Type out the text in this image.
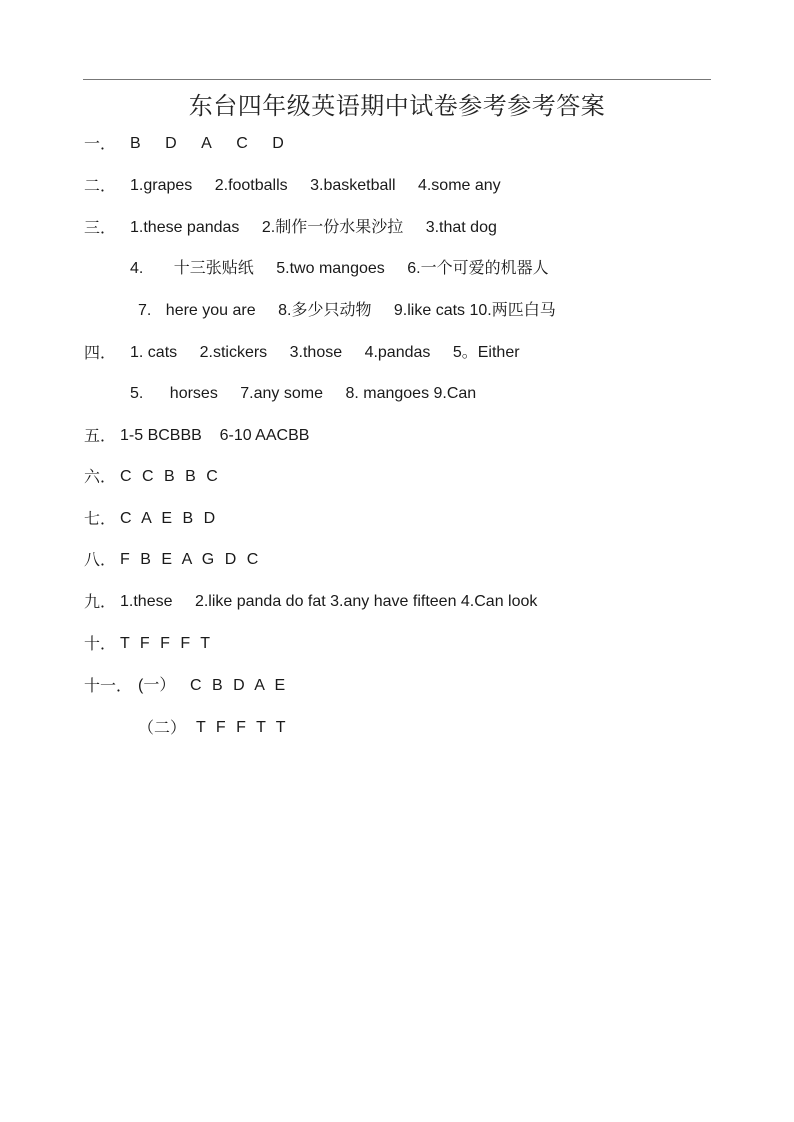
东台四年级英语期中试卷参考参考答案
一． B D A C D
二． 1.grapes 2.footballs 3.basketball 4.some any
三． 1.these pandas 2.制作一份水果沙拉 3.that dog
4. 十三张贴纸 5.two mangoes 6.一个可爱的机器人
7. here you are 8.多少只动物 9.like cats 10.两匹白马
四． 1. cats 2.stickers 3.those 4.pandas 5。Either
5. horses 7.any some 8. mangoes 9.Can
五． 1-5 BCBBB    6-10 AACBB
六． C C B B C
七． C A E B D
八． F B E A G D C
九． 1.these 2.like panda do fat 3.any have fifteen 4.Can look
十． T F F F T
十一． (一） C B D A E
（二） T F F T T
